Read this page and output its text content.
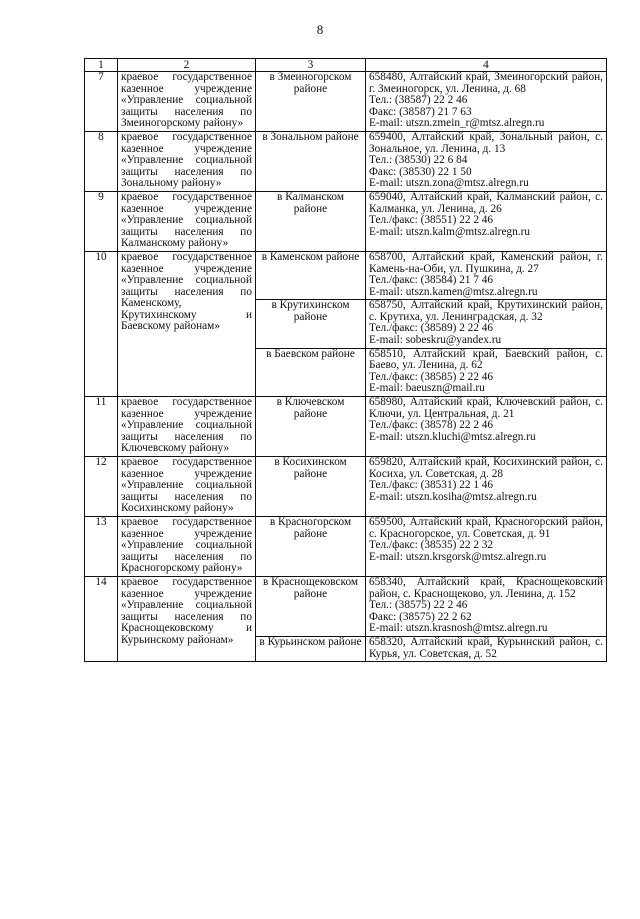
8
1	2	3	4
7	краевое государственное казенное учреждение «Управление социальной защиты населения по Змеиногорскому району»	в Змеиногорском районе	658480, Алтайский край, Змеиногорский район, г. Змеиногорск, ул. Ленина, д. 68
Тел.: (38587) 22 2 46
Факс: (38587) 21 7 63
E-mail: utszn.zmein_r@mtsz.alregn.ru

8	краевое государственное казенное учреждение «Управление социальной защиты населения по Зональному району»	в Зональном районе	659400, Алтайский край, Зональный район, с. Зональное, ул. Ленина, д. 13
Тел.: (38530) 22 6 84
Факс: (38530) 22 1 50
E-mail: utszn.zona@mtsz.alregn.ru

9	краевое государственное казенное учреждение «Управление социальной защиты населения по Калманскому району»	в Калманском районе	659040, Алтайский край, Калманский район, с. Калманка, ул. Ленина, д. 26
Тел./факс: (38551) 22 2 46
E-mail: utszn.kalm@mtsz.alregn.ru

10	краевое государственное казенное учреждение «Управление социальной защиты населения по Каменскому, Крутихинскому и Баевскому районам»	в Каменском районе	658700, Алтайский край, Каменский район, г. Камень-на-Оби, ул. Пушкина, д. 27
Тел./факс: (38584) 21 7 46
E-mail: utszn.kamen@mtsz.alregn.ru

		в Крутихинском районе	658750, Алтайский край, Крутихинский район, с. Крутиха, ул. Ленинградская, д. 32
Тел./факс: (38589) 2 22 46
E-mail: sobeskru@yandex.ru

		в Баевском районе	658510, Алтайский край, Баевский район, с. Баево, ул. Ленина, д. 62
Тел./факс: (38585) 2 22 46
E-mail: baeuszn@mail.ru

11	краевое государственное казенное учреждение «Управление социальной защиты населения по Ключевскому району»	в Ключевском районе	658980, Алтайский край, Ключевский район, с. Ключи, ул. Центральная, д. 21
Тел./факс: (38578) 22 2 46
E-mail: utszn.kluchi@mtsz.alregn.ru

12	краевое государственное казенное учреждение «Управление социальной защиты населения по Косихинскому району»	в Косихинском районе	659820, Алтайский край, Косихинский район, с. Косиха, ул. Советская, д. 28
Тел./факс: (38531) 22 1 46
E-mail: utszn.kosiha@mtsz.alregn.ru

13	краевое государственное казенное учреждение «Управление социальной защиты населения по Красногорскому району»	в Красногорском районе	659500, Алтайский край, Красногорский район, с. Красногорское, ул. Советская, д. 91
Тел./факс: (38535) 22 2 32
E-mail: utszn.krsgorsk@mtsz.alregn.ru

14	краевое государственное казенное учреждение «Управление социальной защиты населения по Краснощековскому и Курьинскому районам»	в Краснощековском районе	658340, Алтайский край, Краснощековский район, с. Краснощеково, ул. Ленина, д. 152
Тел.: (38575) 22 2 46
Факс: (38575) 22 2 62
E-mail: utszn.krasnosh@mtsz.alregn.ru

		в Курьинском районе	658320, Алтайский край, Курьинский район, с. Курья, ул. Советская, д. 52
